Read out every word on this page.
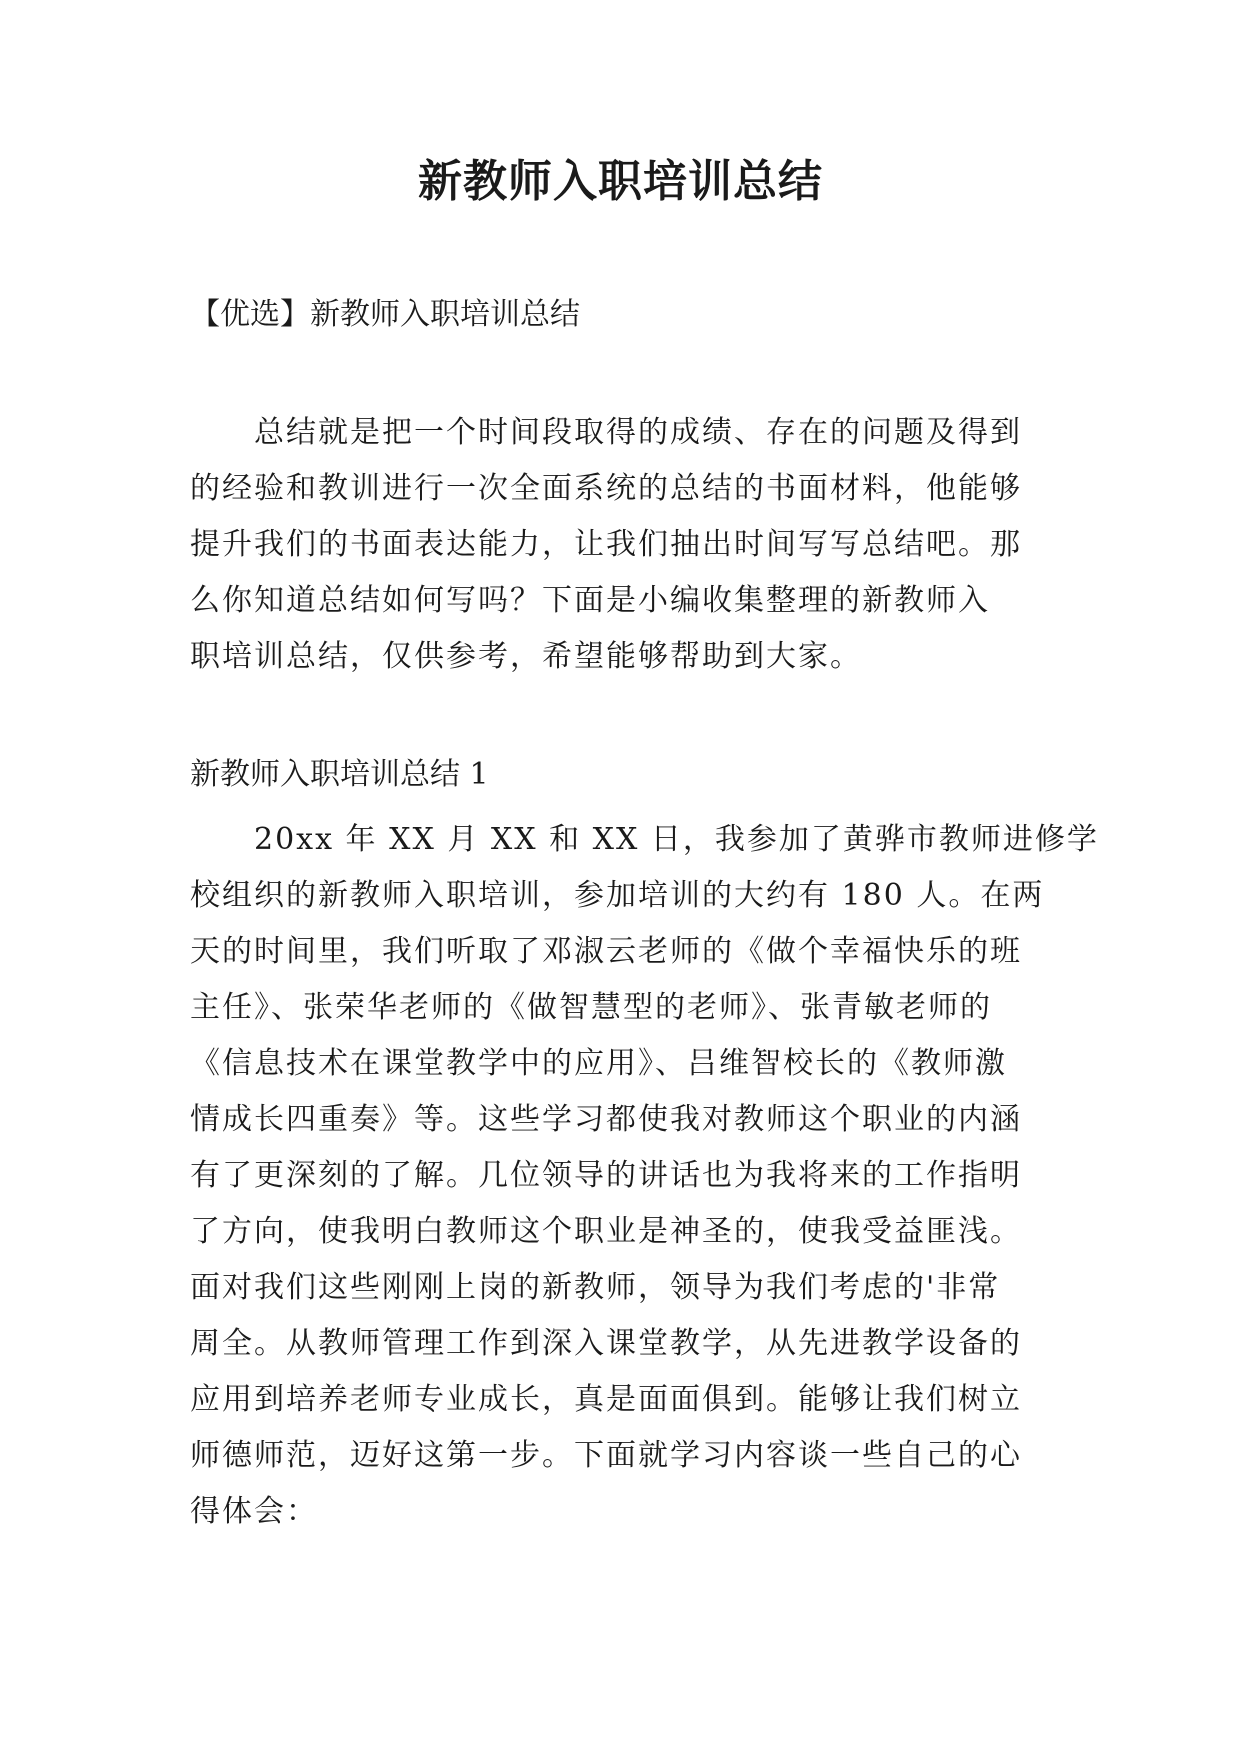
新教师入职培训总结
【优选】新教师入职培训总结
总结就是把一个时间段取得的成绩、存在的问题及得到
的经验和教训进行一次全面系统的总结的书面材料，他能够
提升我们的书面表达能力，让我们抽出时间写写总结吧。那
么你知道总结如何写吗？下面是小编收集整理的新教师入
职培训总结，仅供参考，希望能够帮助到大家。
新教师入职培训总结 1
20xx 年 XX 月 XX 和 XX 日，我参加了黄骅市教师进修学
校组织的新教师入职培训，参加培训的大约有 180 人。在两
天的时间里，我们听取了邓淑云老师的《做个幸福快乐的班
主任》、张荣华老师的《做智慧型的老师》、张青敏老师的
《信息技术在课堂教学中的应用》、吕维智校长的《教师激
情成长四重奏》等。这些学习都使我对教师这个职业的内涵
有了更深刻的了解。几位领导的讲话也为我将来的工作指明
了方向，使我明白教师这个职业是神圣的，使我受益匪浅。
面对我们这些刚刚上岗的新教师，领导为我们考虑的'非常
周全。从教师管理工作到深入课堂教学，从先进教学设备的
应用到培养老师专业成长，真是面面俱到。能够让我们树立
师德师范，迈好这第一步。下面就学习内容谈一些自己的心
得体会：
